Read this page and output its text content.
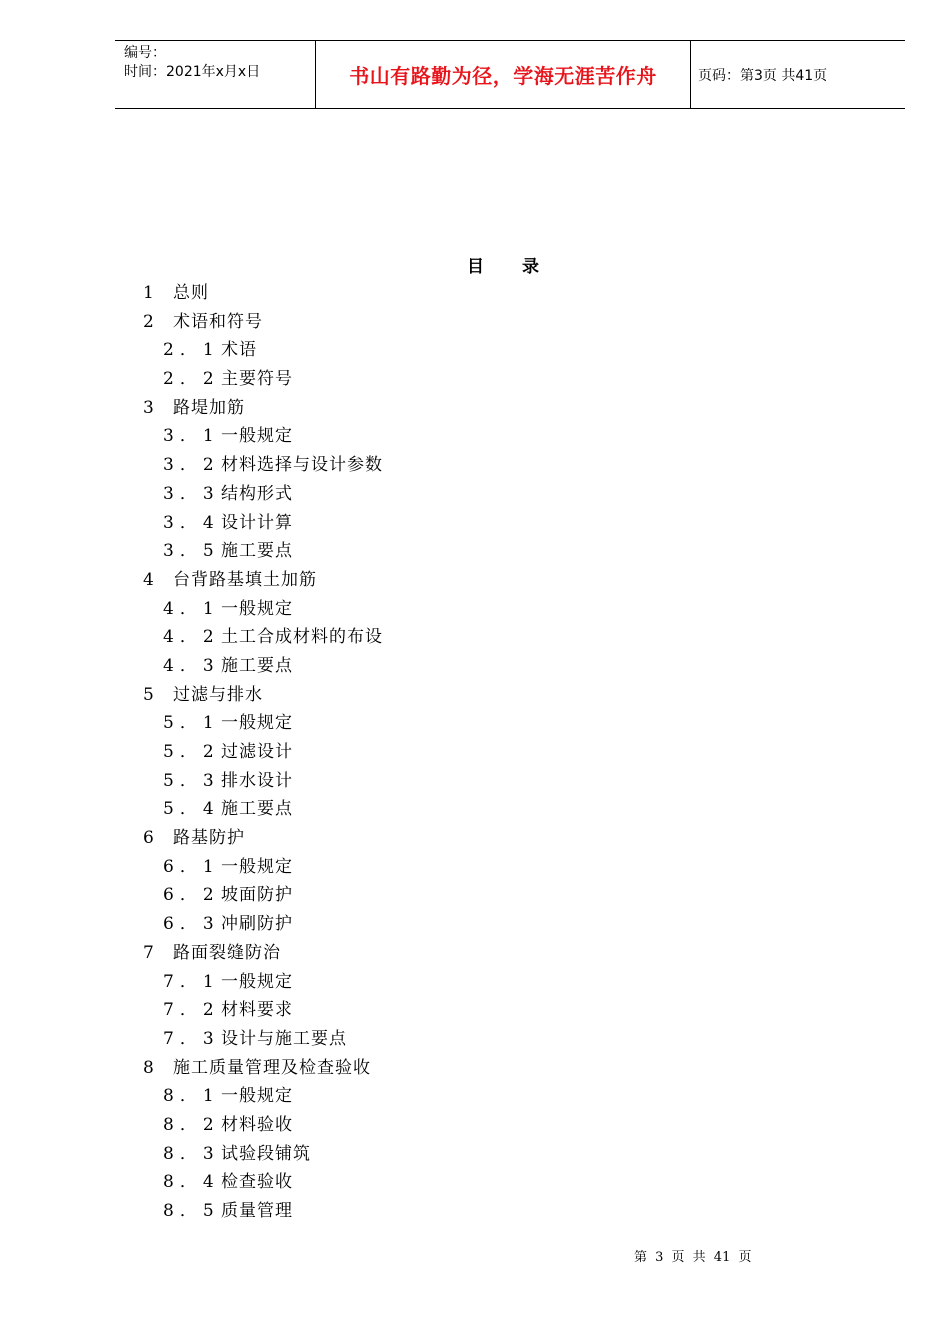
编号：
时间：2021年x月x日	书山有路勤为径，学海无涯苦作舟	页码：第3页 共41页
目 录
1 总则
2 术语和符号
2．1 术语
2．2 主要符号
3 路堤加筋
3．1 一般规定
3．2 材料选择与设计参数
3．3 结构形式
3．4 设计计算
3．5 施工要点
4 台背路基填土加筋
4．1 一般规定
4．2 土工合成材料的布设
4．3 施工要点
5 过滤与排水
5．1 一般规定
5．2 过滤设计
5．3 排水设计
5．4 施工要点
6 路基防护
6．1 一般规定
6．2 坡面防护
6．3 冲刷防护
7 路面裂缝防治
7．1 一般规定
7．2 材料要求
7．3 设计与施工要点
8 施工质量管理及检查验收
8．1 一般规定
8．2 材料验收
8．3 试验段铺筑
8．4 检查验收
8．5 质量管理
第 3 页 共 41 页
